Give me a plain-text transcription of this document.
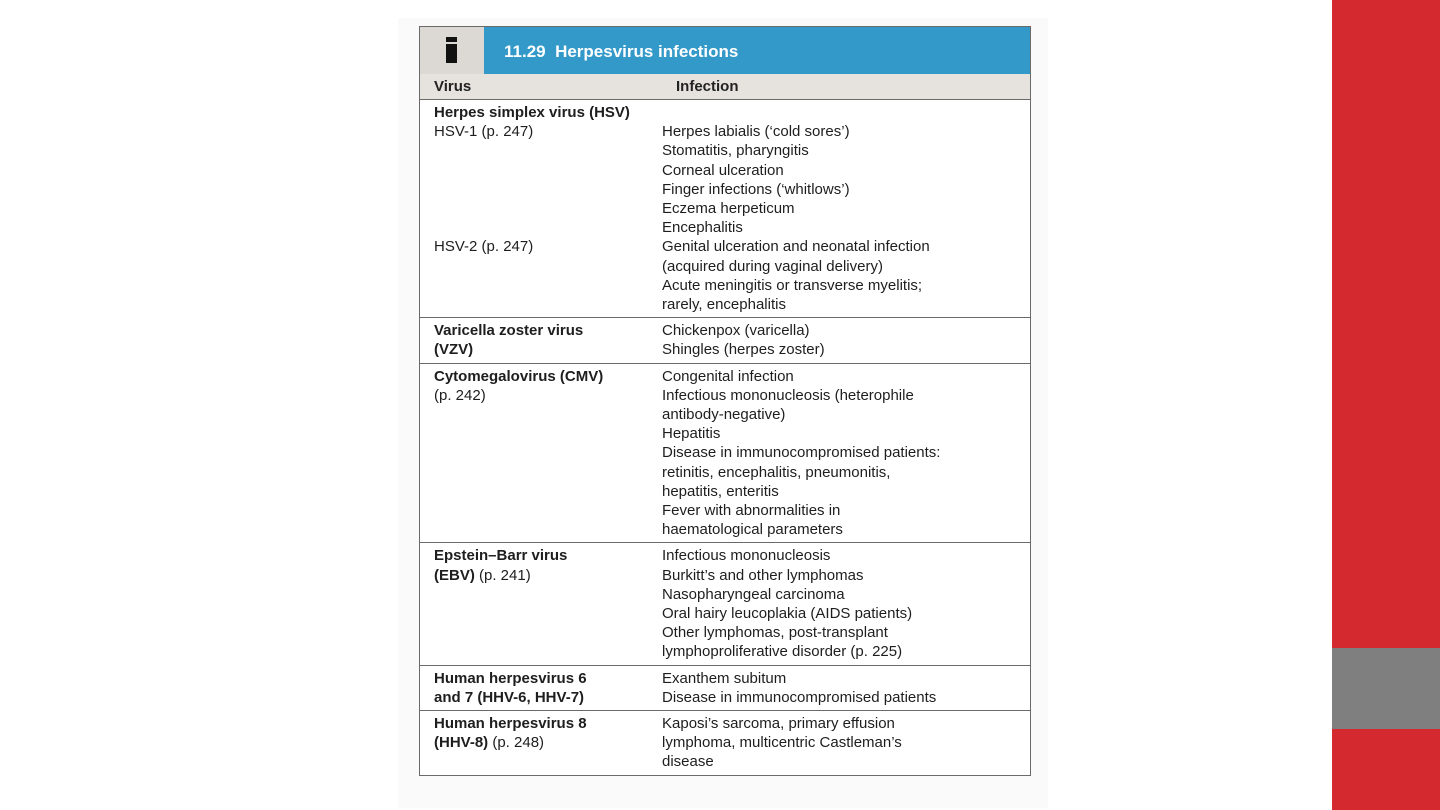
11.29 Herpesvirus infections
Virus	Infection
Herpes simplex virus (HSV)
HSV-1 (p. 247)
HSV-2 (p. 247)
Herpes labialis (‘cold sores’)
Stomatitis, pharyngitis
Corneal ulceration
Finger infections (‘whitlows’)
Eczema herpeticum
Encephalitis
Genital ulceration and neonatal infection
(acquired during vaginal delivery)
Acute meningitis or transverse myelitis;
rarely, encephalitis
Varicella zoster virus
(VZV)
Chickenpox (varicella)
Shingles (herpes zoster)
Cytomegalovirus (CMV)
(p. 242)
Congenital infection
Infectious mononucleosis (heterophile
antibody-negative)
Hepatitis
Disease in immunocompromised patients:
retinitis, encephalitis, pneumonitis,
hepatitis, enteritis
Fever with abnormalities in
haematological parameters
Epstein–Barr virus
(EBV) (p. 241)
Infectious mononucleosis
Burkitt’s and other lymphomas
Nasopharyngeal carcinoma
Oral hairy leucoplakia (AIDS patients)
Other lymphomas, post-transplant
lymphoproliferative disorder (p. 225)
Human herpesvirus 6
and 7 (HHV-6, HHV-7)
Exanthem subitum
Disease in immunocompromised patients
Human herpesvirus 8
(HHV-8) (p. 248)
Kaposi’s sarcoma, primary effusion
lymphoma, multicentric Castleman’s
disease
